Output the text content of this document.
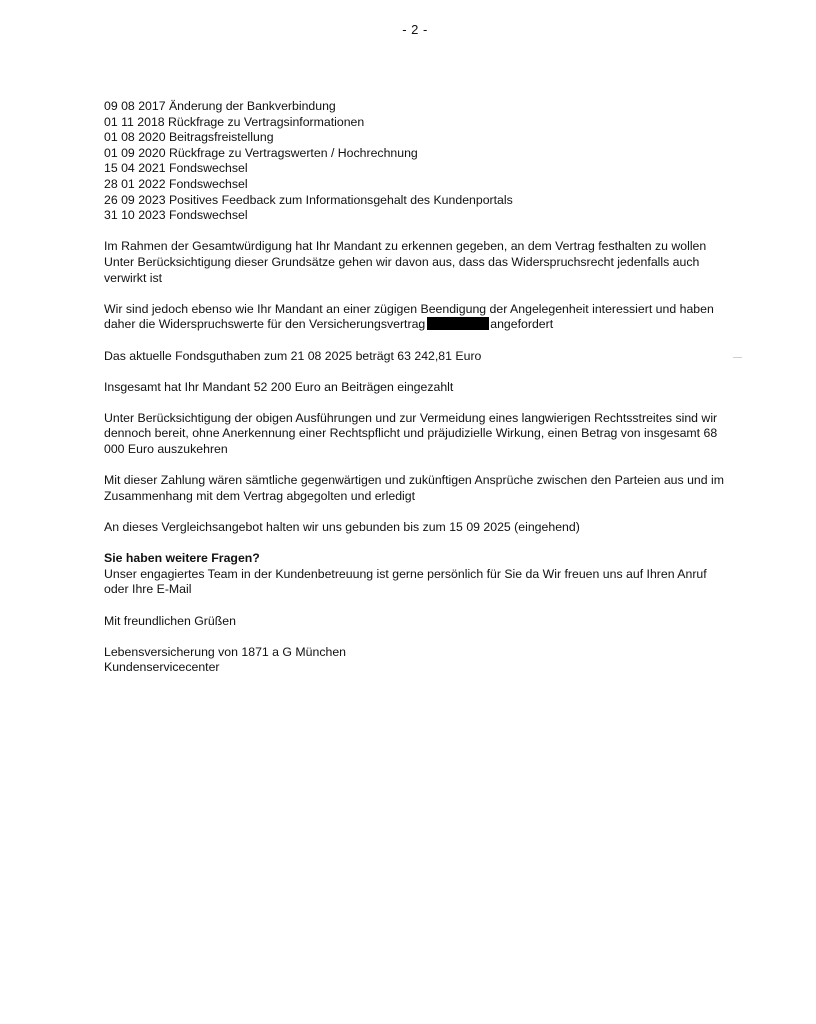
- 2 -
09 08 2017 Änderung der Bankverbindung
01 11 2018 Rückfrage zu Vertragsinformationen
01 08 2020 Beitragsfreistellung
01 09 2020 Rückfrage zu Vertragswerten / Hochrechnung
15 04 2021 Fondswechsel
28 01 2022 Fondswechsel
26 09 2023 Positives Feedback zum Informationsgehalt des Kundenportals
31 10 2023 Fondswechsel
Im Rahmen der Gesamtwürdigung hat Ihr Mandant zu erkennen gegeben, an dem Vertrag festhalten zu wollen
Unter Berücksichtigung dieser Grundsätze gehen wir davon aus, dass das Widerspruchsrecht jedenfalls auch verwirkt ist

Wir sind jedoch ebenso wie Ihr Mandant an einer zügigen Beendigung der Angelegenheit interessiert und haben daher die Widerspruchswerte für den Versicherungsvertrag	angefordert

Das aktuelle Fondsguthaben zum 21 08 2025 beträgt 63 242,81 Euro

Insgesamt hat Ihr Mandant 52 200 Euro an Beiträgen eingezahlt

Unter Berücksichtigung der obigen Ausführungen und zur Vermeidung eines langwierigen Rechtsstreites sind wir dennoch bereit, ohne Anerkennung einer Rechtspflicht und präjudizielle Wirkung, einen Betrag von insgesamt 68 000 Euro auszukehren

Mit dieser Zahlung wären sämtliche gegenwärtigen und zukünftigen Ansprüche zwischen den Parteien aus und im Zusammenhang mit dem Vertrag abgegolten und erledigt

An dieses Vergleichsangebot halten wir uns gebunden bis zum 15 09 2025 (eingehend)

Sie haben weitere Fragen?

Unser engagiertes Team in der Kundenbetreuung ist gerne persönlich für Sie da Wir freuen uns auf Ihren Anruf oder Ihre E-Mail

Mit freundlichen Grüßen

Lebensversicherung von 1871 a G München

Kundenservicecenter
